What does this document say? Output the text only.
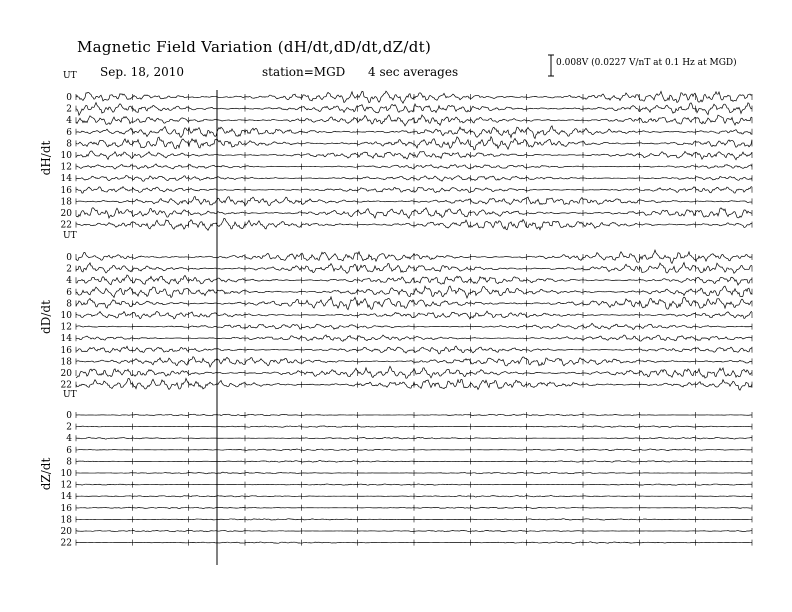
Magnetic Field Variation (dH/dt,dD/dt,dZ/dt)
Sep. 18, 2010	station=MGD 4 sec averages
0.008V (0.0227 V/nT at 0.1 Hz at MGD)
UT
dH/dt
0
2
4
6
8
10
12
14
16
18
20
22
UT
dD/dt
0
2
4
6
8
10
12
14
16
18
20
22
UT
dZ/dt
0
2
4
6
8
10
12
14
16
18
20
22
